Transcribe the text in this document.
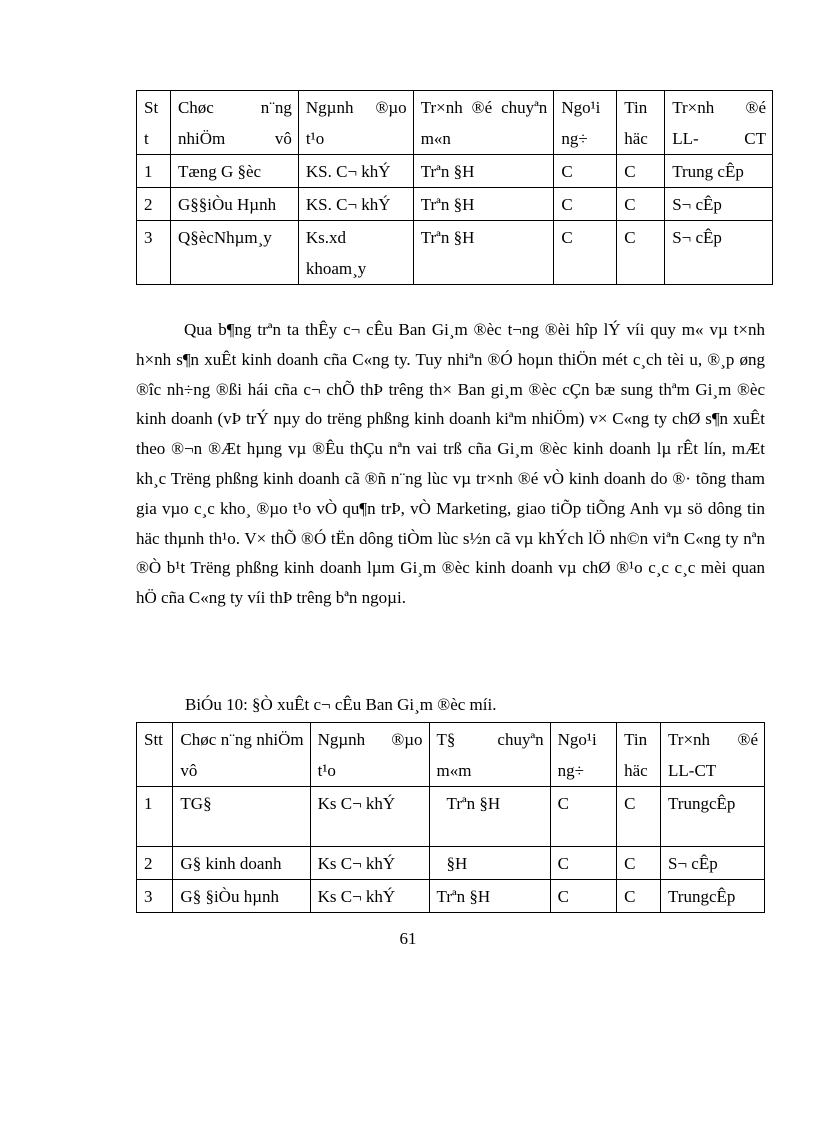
St t	Chøc n¨ng nhiÖm vô	Ngµnh ®µo t¹o	Tr×nh ®é chuyªn m«n	Ngo¹i ng÷	Tin häc	Tr×nh ®é LL- CT
1	Tæng G §èc	KS. C¬ khÝ	Trªn §H	C	C	Trung cÊp
2	G§§iÒu Hµnh	KS. C¬ khÝ	Trªn §H	C	C	S¬ cÊp
3	Q§ècNhµm¸y	Ks.xd khoam¸y	Trªn §H	C	C	S¬ cÊp

Qua b¶ng trªn ta thÊy c¬ cÊu Ban Gi¸m ®èc t¬ng ®èi hîp lÝ víi quy m« vµ t×nh h×nh s¶n xuÊt kinh doanh cña C«ng ty. Tuy nhiªn ®Ó hoµn thiÖn mét c¸ch tèi u, ®¸p øng ®îc nh÷ng ®ßi hái cña c¬ chÕ thÞ trêng th× Ban gi¸m ®èc cÇn bæ sung thªm Gi¸m ®èc kinh doanh (vÞ trÝ nµy do trëng phßng kinh doanh kiªm nhiÖm) v× C«ng ty chØ s¶n xuÊt theo ®¬n ®Æt hµng vµ ®Êu thÇu nªn vai trß cña Gi¸m ®èc kinh doanh lµ rÊt lín, mÆt kh¸c Trëng phßng kinh doanh cã ®ñ n¨ng lùc vµ tr×nh ®é vÒ kinh doanh do ®· tõng tham gia vµo c¸c kho¸ ®µo t¹o vÒ qu¶n trÞ, vÒ Marketing, giao tiÕp tiÕng Anh vµ sö dông tin häc thµnh th¹o. V× thÕ ®Ó tËn dông tiÒm lùc s½n cã vµ khÝch lÖ nh©n viªn C«ng ty nªn ®Ò b¹t Trëng phßng kinh doanh lµm Gi¸m ®èc kinh doanh vµ chØ ®¹o c¸c c¸c mèi quan hÖ cña C«ng ty víi thÞ trêng bªn ngoµi.

BiÓu 10: §Ò xuÊt c¬ cÊu Ban Gi¸m ®èc míi.

Stt	Chøc n¨ng nhiÖm vô	Ngµnh ®µo t¹o	T§ chuyªn m«m	Ngo¹i ng÷	Tin häc	Tr×nh ®é LL-CT
1	TG§	Ks C¬ khÝ	Trªn §H	C	C	TrungcÊp
2	G§ kinh doanh	Ks C¬ khÝ	§H	C	C	S¬ cÊp
3	G§ §iÒu hµnh	Ks C¬ khÝ	Trªn §H	C	C	TrungcÊp

61
